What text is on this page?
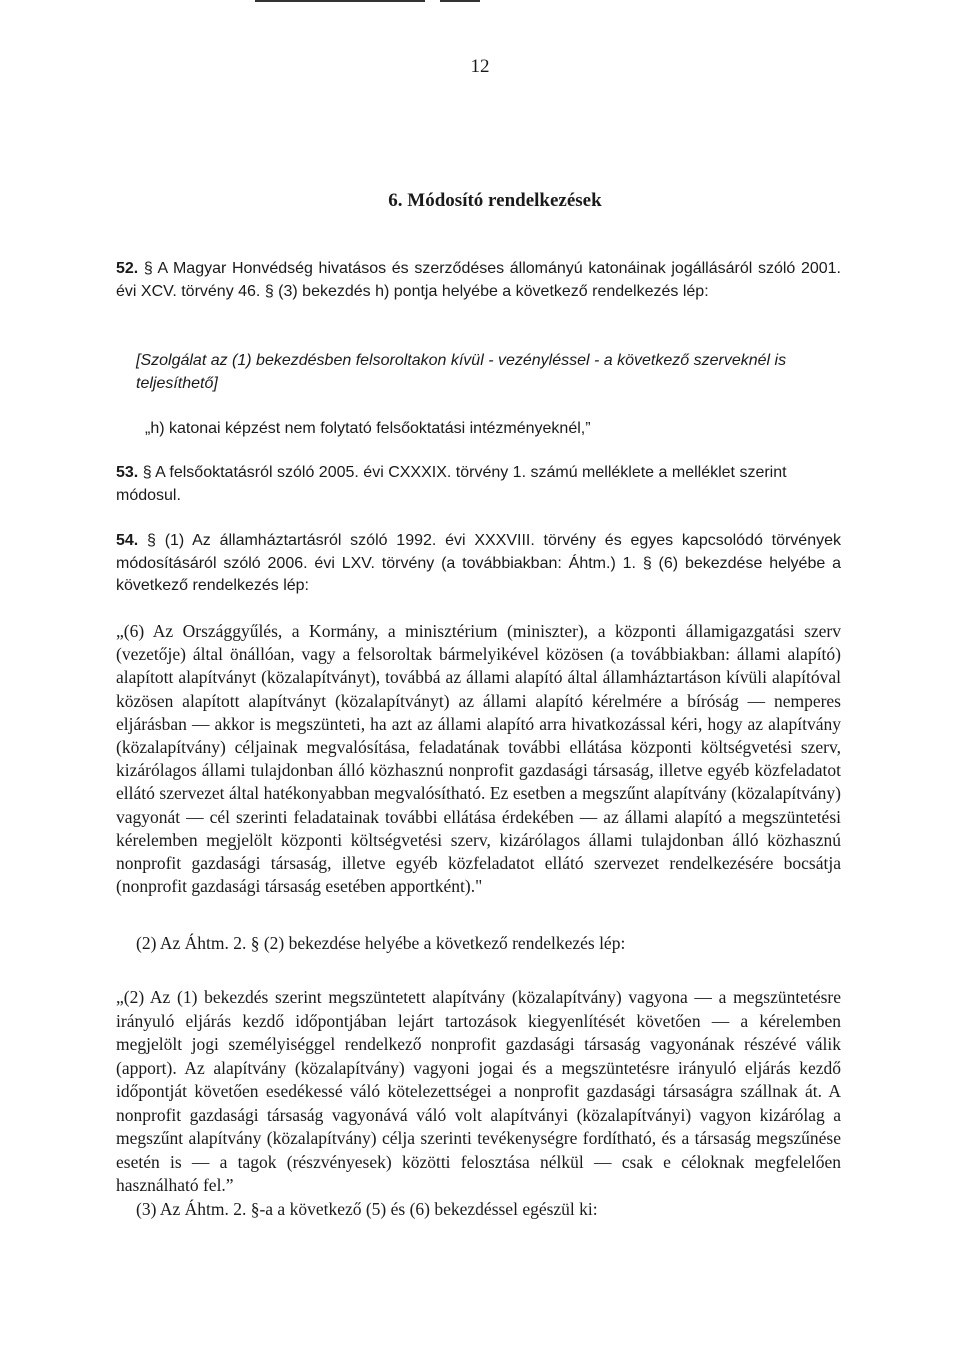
12
6. Módosító rendelkezések
52. § A Magyar Honvédség hivatásos és szerződéses állományú katonáinak jogállásáról szóló 2001. évi XCV. törvény 46. § (3) bekezdés h) pontja helyébe a következő rendelkezés lép:
[Szolgálat az (1) bekezdésben felsoroltakon kívül - vezényléssel - a következő szerveknél is teljesíthető]
„h) katonai képzést nem folytató felsőoktatási intézményeknél,”
53. § A felsőoktatásról szóló 2005. évi CXXXIX. törvény 1. számú melléklete a melléklet szerint módosul.
54. § (1) Az államháztartásról szóló 1992. évi XXXVIII. törvény és egyes kapcsolódó törvények módosításáról szóló 2006. évi LXV. törvény (a továbbiakban: Áhtm.) 1. § (6) bekezdése helyébe a következő rendelkezés lép:
„(6) Az Országgyűlés, a Kormány, a minisztérium (miniszter), a központi államigazgatási szerv (vezetője) által önállóan, vagy a felsoroltak bármelyikével közösen (a továbbiakban: állami alapító) alapított alapítványt (közalapítványt), továbbá az állami alapító által államháztartáson kívüli alapítóval közösen alapított alapítványt (közalapítványt) az állami alapító kérelmére a bíróság — nemperes eljárásban — akkor is megszünteti, ha azt az állami alapító arra hivatkozással kéri, hogy az alapítvány (közalapítvány) céljainak megvalósítása, feladatának további ellátása központi költségvetési szerv, kizárólagos állami tulajdonban álló közhasznú nonprofit gazdasági társaság, illetve egyéb közfeladatot ellátó szervezet által hatékonyabban megvalósítható. Ez esetben a megszűnt alapítvány (közalapítvány) vagyonát — cél szerinti feladatainak további ellátása érdekében — az állami alapító a megszüntetési kérelemben megjelölt központi költségvetési szerv, kizárólagos állami tulajdonban álló közhasznú nonprofit gazdasági társaság, illetve egyéb közfeladatot ellátó szervezet rendelkezésére bocsátja (nonprofit gazdasági társaság esetében apportként)."
(2) Az Áhtm. 2. § (2) bekezdése helyébe a következő rendelkezés lép:
„(2) Az (1) bekezdés szerint megszüntetett alapítvány (közalapítvány) vagyona — a megszüntetésre irányuló eljárás kezdő időpontjában lejárt tartozások kiegyenlítését követően — a kérelemben megjelölt jogi személyiséggel rendelkező nonprofit gazdasági társaság vagyonának részévé válik (apport). Az alapítvány (közalapítvány) vagyoni jogai és a megszüntetésre irányuló eljárás kezdő időpontját követően esedékessé váló kötelezettségei a nonprofit gazdasági társaságra szállnak át. A nonprofit gazdasági társaság vagyonává váló volt alapítványi (közalapítványi) vagyon kizárólag a megszűnt alapítvány (közalapítvány) célja szerinti tevékenységre fordítható, és a társaság megszűnése esetén is — a tagok (részvényesek) közötti felosztása nélkül — csak e céloknak megfelelően használható fel.”
(3) Az Áhtm. 2. §-a a következő (5) és (6) bekezdéssel egészül ki:
